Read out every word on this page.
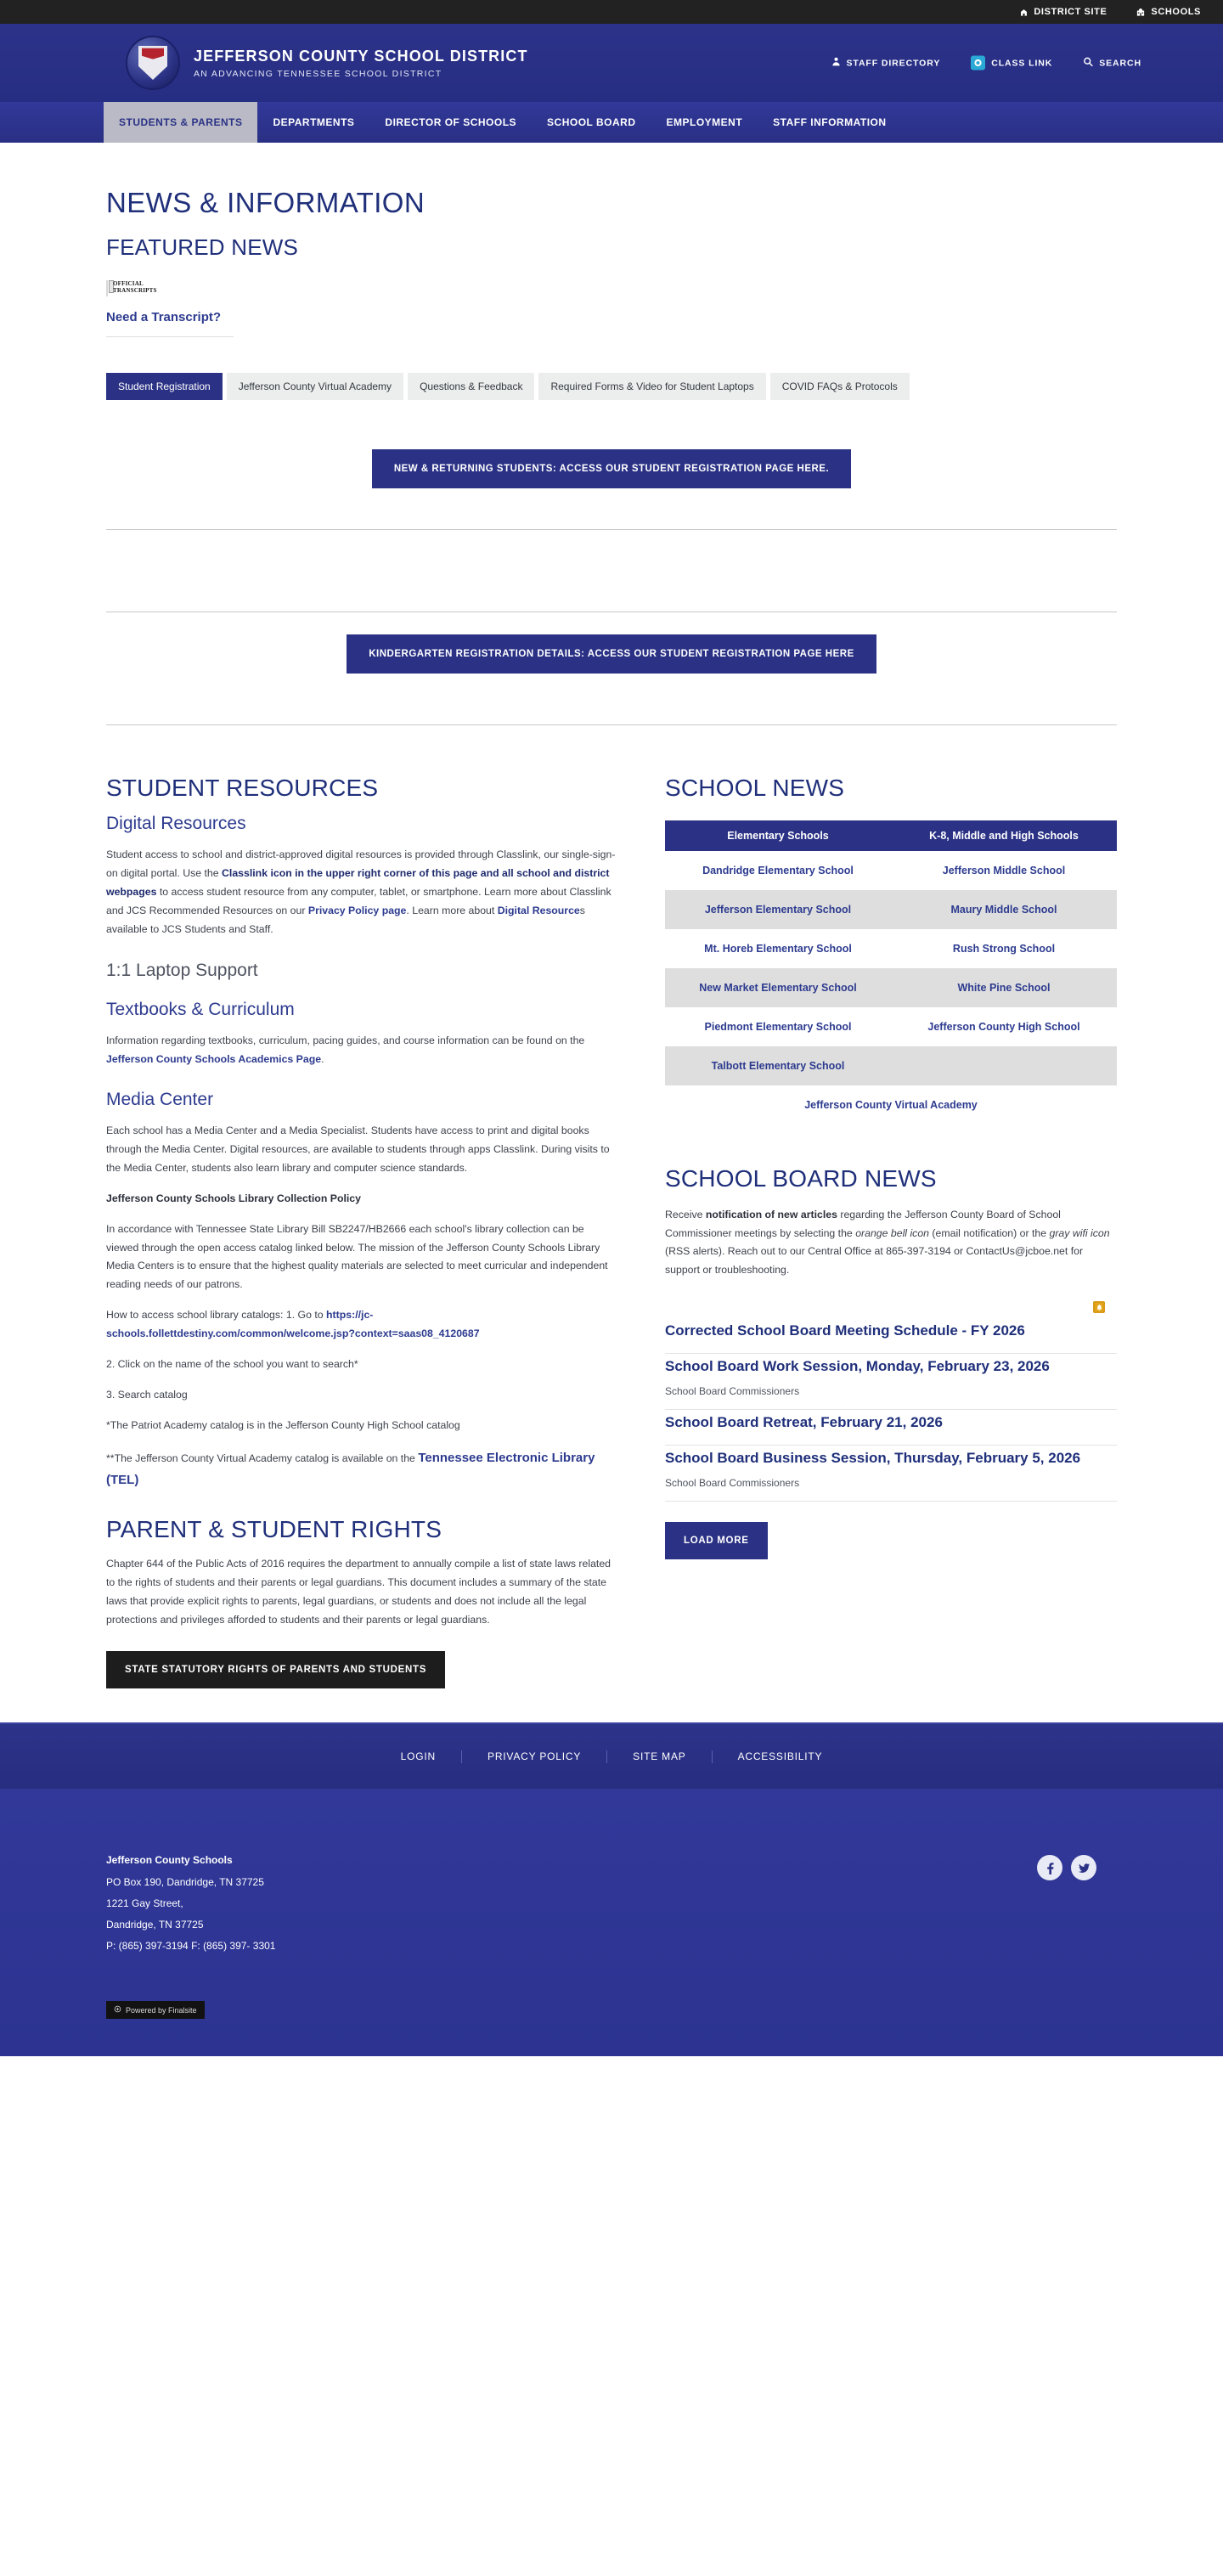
DISTRICT SITE	SCHOOLS
JEFFERSON COUNTY SCHOOL DISTRICT
AN ADVANCING TENNESSEE SCHOOL DISTRICT
STAFF DIRECTORY	CLASS LINK	SEARCH
STUDENTS & PARENTS	DEPARTMENTS	DIRECTOR OF SCHOOLS	SCHOOL BOARD	EMPLOYMENT	STAFF INFORMATION
NEWS & INFORMATION
FEATURED NEWS
Need a Transcript?
Student Registration	Jefferson County Virtual Academy	Questions & Feedback	Required Forms & Video for Student Laptops	COVID FAQs & Protocols
NEW & RETURNING STUDENTS: ACCESS OUR STUDENT REGISTRATION PAGE HERE.
KINDERGARTEN REGISTRATION DETAILS: ACCESS OUR STUDENT REGISTRATION PAGE HERE
STUDENT RESOURCES
Digital Resources

Student access to school and district-approved digital resources is provided through Classlink, our single-sign-on digital portal. Use the Classlink icon in the upper right corner of this page and all school and district webpages to access student resource from any computer, tablet, or smartphone. Learn more about Classlink and JCS Recommended Resources on our Privacy Policy page. Learn more about Digital Resources available to JCS Students and Staff.

1:1 Laptop Support
Textbooks & Curriculum

Information regarding textbooks, curriculum, pacing guides, and course information can be found on the Jefferson County Schools Academics Page.

Media Center

Each school has a Media Center and a Media Specialist. Students have access to print and digital books through the Media Center. Digital resources, are available to students through apps Classlink. During visits to the Media Center, students also learn library and computer science standards.

Jefferson County Schools Library Collection Policy

In accordance with Tennessee State Library Bill SB2247/HB2666 each school's library collection can be viewed through the open access catalog linked below. The mission of the Jefferson County Schools Library Media Centers is to ensure that the highest quality materials are selected to meet curricular and independent reading needs of our patrons.

How to access school library catalogs: 1. Go to https://jc-schools.follettdestiny.com/common/welcome.jsp?context=saas08_4120687

2. Click on the name of the school you want to search*

3. Search catalog

*The Patriot Academy catalog is in the Jefferson County High School catalog

**The Jefferson County Virtual Academy catalog is available on the Tennessee Electronic Library (TEL)

PARENT & STUDENT RIGHTS

Chapter 644 of the Public Acts of 2016 requires the department to annually compile a list of state laws related to the rights of students and their parents or legal guardians. This document includes a summary of the state laws that provide explicit rights to parents, legal guardians, or students and does not include all the legal protections and privileges afforded to students and their parents or legal guardians.

STATE STATUTORY RIGHTS OF PARENTS AND STUDENTS
SCHOOL NEWS
Elementary Schools	K-8, Middle and High Schools
Dandridge Elementary School	Jefferson Middle School
Jefferson Elementary School	Maury Middle School
Mt. Horeb Elementary School	Rush Strong School
New Market Elementary School	White Pine School
Piedmont Elementary School	Jefferson County High School
Talbott Elementary School	
Jefferson County Virtual Academy	
SCHOOL BOARD NEWS

Receive notification of new articles regarding the Jefferson County Board of School Commissioner meetings by selecting the orange bell icon (email notification) or the gray wifi icon (RSS alerts). Reach out to our Central Office at 865-397-3194 or ContactUs@jcboe.net for support or troubleshooting.

Corrected School Board Meeting Schedule - FY 2026
School Board Work Session, Monday, February 23, 2026
School Board Commissioners
School Board Retreat, February 21, 2026
School Board Business Session, Thursday, February 5, 2026
School Board Commissioners
LOAD MORE
LOGIN	PRIVACY POLICY	SITE MAP	ACCESSIBILITY
Jefferson County Schools
PO Box 190, Dandridge, TN 37725
1221 Gay Street,
Dandridge, TN 37725
P: (865) 397-3194 F: (865) 397- 3301
Powered by Finalsite
